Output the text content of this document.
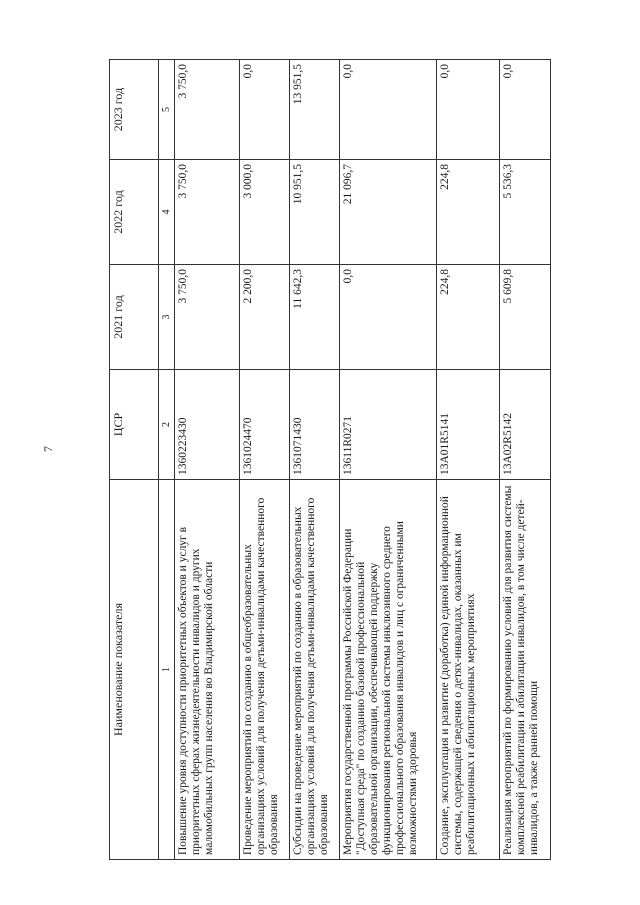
7
Наименование показателя	ЦСР	2021 год	2022 год	2023 год
1	2	3	4	5
Повышение уровня доступности приоритетных объектов и услуг в приоритетных сферах жизнедеятельности инвалидов и других маломобильных групп населения во Владимирской области	1360223430	3 750,0	3 750,0	3 750,0
Проведение мероприятий по созданию в общеобразовательных организациях условий для получения детьми-инвалидами качественного образования	1361024470	2 200,0	3 000,0	0,0
Субсидии на проведение мероприятий по созданию в образовательных организациях условий для получения детьми-инвалидами качественного образования	1361071430	11 642,3	10 951,5	13 951,5
Мероприятия государственной программы Российской Федерации "Доступная среда" по созданию базовой профессиональной образовательной организации, обеспечивающей поддержку функционирования региональной системы инклюзивного среднего профессионального образования инвалидов и лиц с ограниченными возможностями здоровья	13611R0271	0,0	21 096,7	0,0
Создание, эксплуатация и развитие (доработка) единой информационной системы, содержащей сведения о детях-инвалидах, оказанных им реабилитационных и абилитационных мероприятиях	13А01R5141	224,8	224,8	0,0
Реализация мероприятий по формированию условий для развития системы комплексной реабилитации и абилитации инвалидов, в том числе детей-инвалидов, а также ранней помощи	13А02R5142	5 609,8	5 536,3	0,0
